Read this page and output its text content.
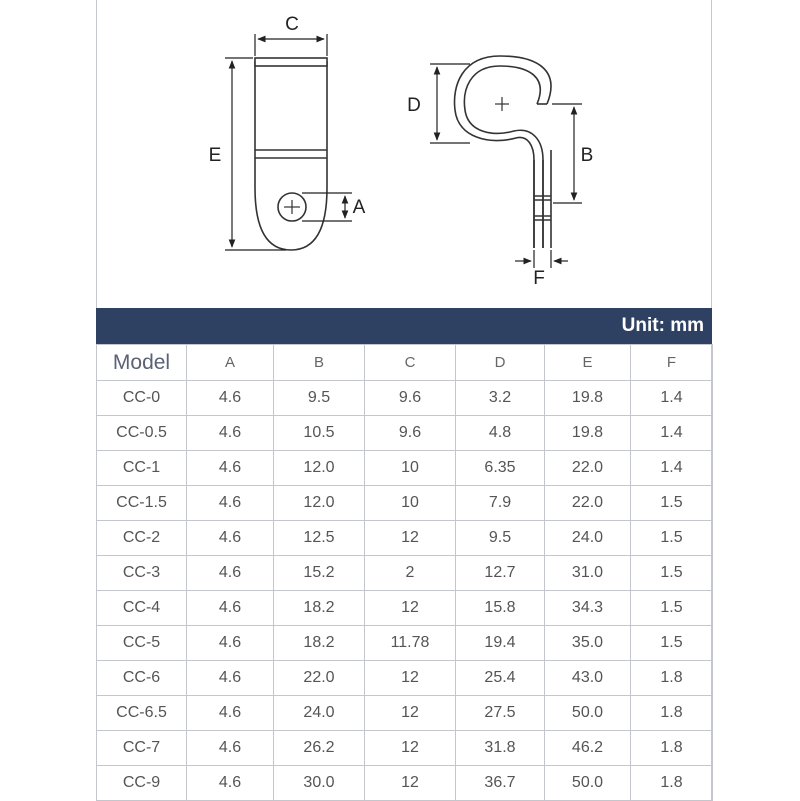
C
E
A
D
B
F
Unit: mm
Model	A	B	C	D	E	F
CC-0	4.6	9.5	9.6	3.2	19.8	1.4
CC-0.5	4.6	10.5	9.6	4.8	19.8	1.4
CC-1	4.6	12.0	10	6.35	22.0	1.4
CC-1.5	4.6	12.0	10	7.9	22.0	1.5
CC-2	4.6	12.5	12	9.5	24.0	1.5
CC-3	4.6	15.2	2	12.7	31.0	1.5
CC-4	4.6	18.2	12	15.8	34.3	1.5
CC-5	4.6	18.2	11.78	19.4	35.0	1.5
CC-6	4.6	22.0	12	25.4	43.0	1.8
CC-6.5	4.6	24.0	12	27.5	50.0	1.8
CC-7	4.6	26.2	12	31.8	46.2	1.8
CC-9	4.6	30.0	12	36.7	50.0	1.8
